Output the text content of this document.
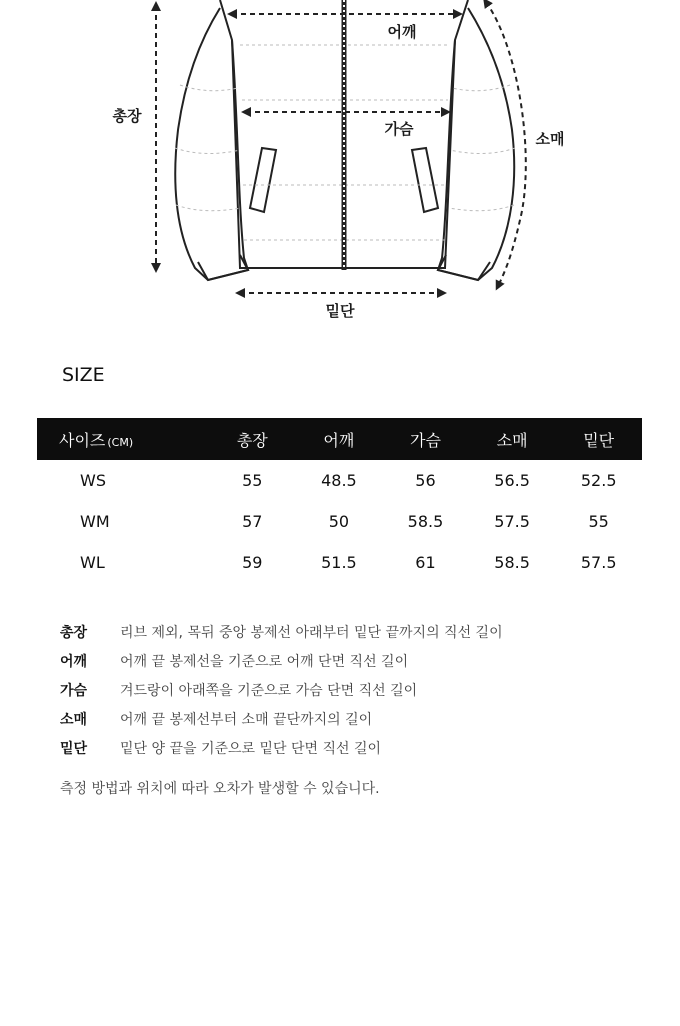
총장
어깨
가슴
소매
밑단
SIZE
사이즈 (CM)	총장	어깨	가슴	소매	밑단
WS	55	48.5	56	56.5	52.5
WM	57	50	58.5	57.5	55
WL	59	51.5	61	58.5	57.5
총장	리브 제외, 목뒤 중앙 봉제선 아래부터 밑단 끝까지의 직선 길이
어깨	어깨 끝 봉제선을 기준으로 어깨 단면 직선 길이
가슴	겨드랑이 아래쪽을 기준으로 가슴 단면 직선 길이
소매	어깨 끝 봉제선부터 소매 끝단까지의 길이
밑단	밑단 양 끝을 기준으로 밑단 단면 직선 길이
측정 방법과 위치에 따라 오차가 발생할 수 있습니다.
